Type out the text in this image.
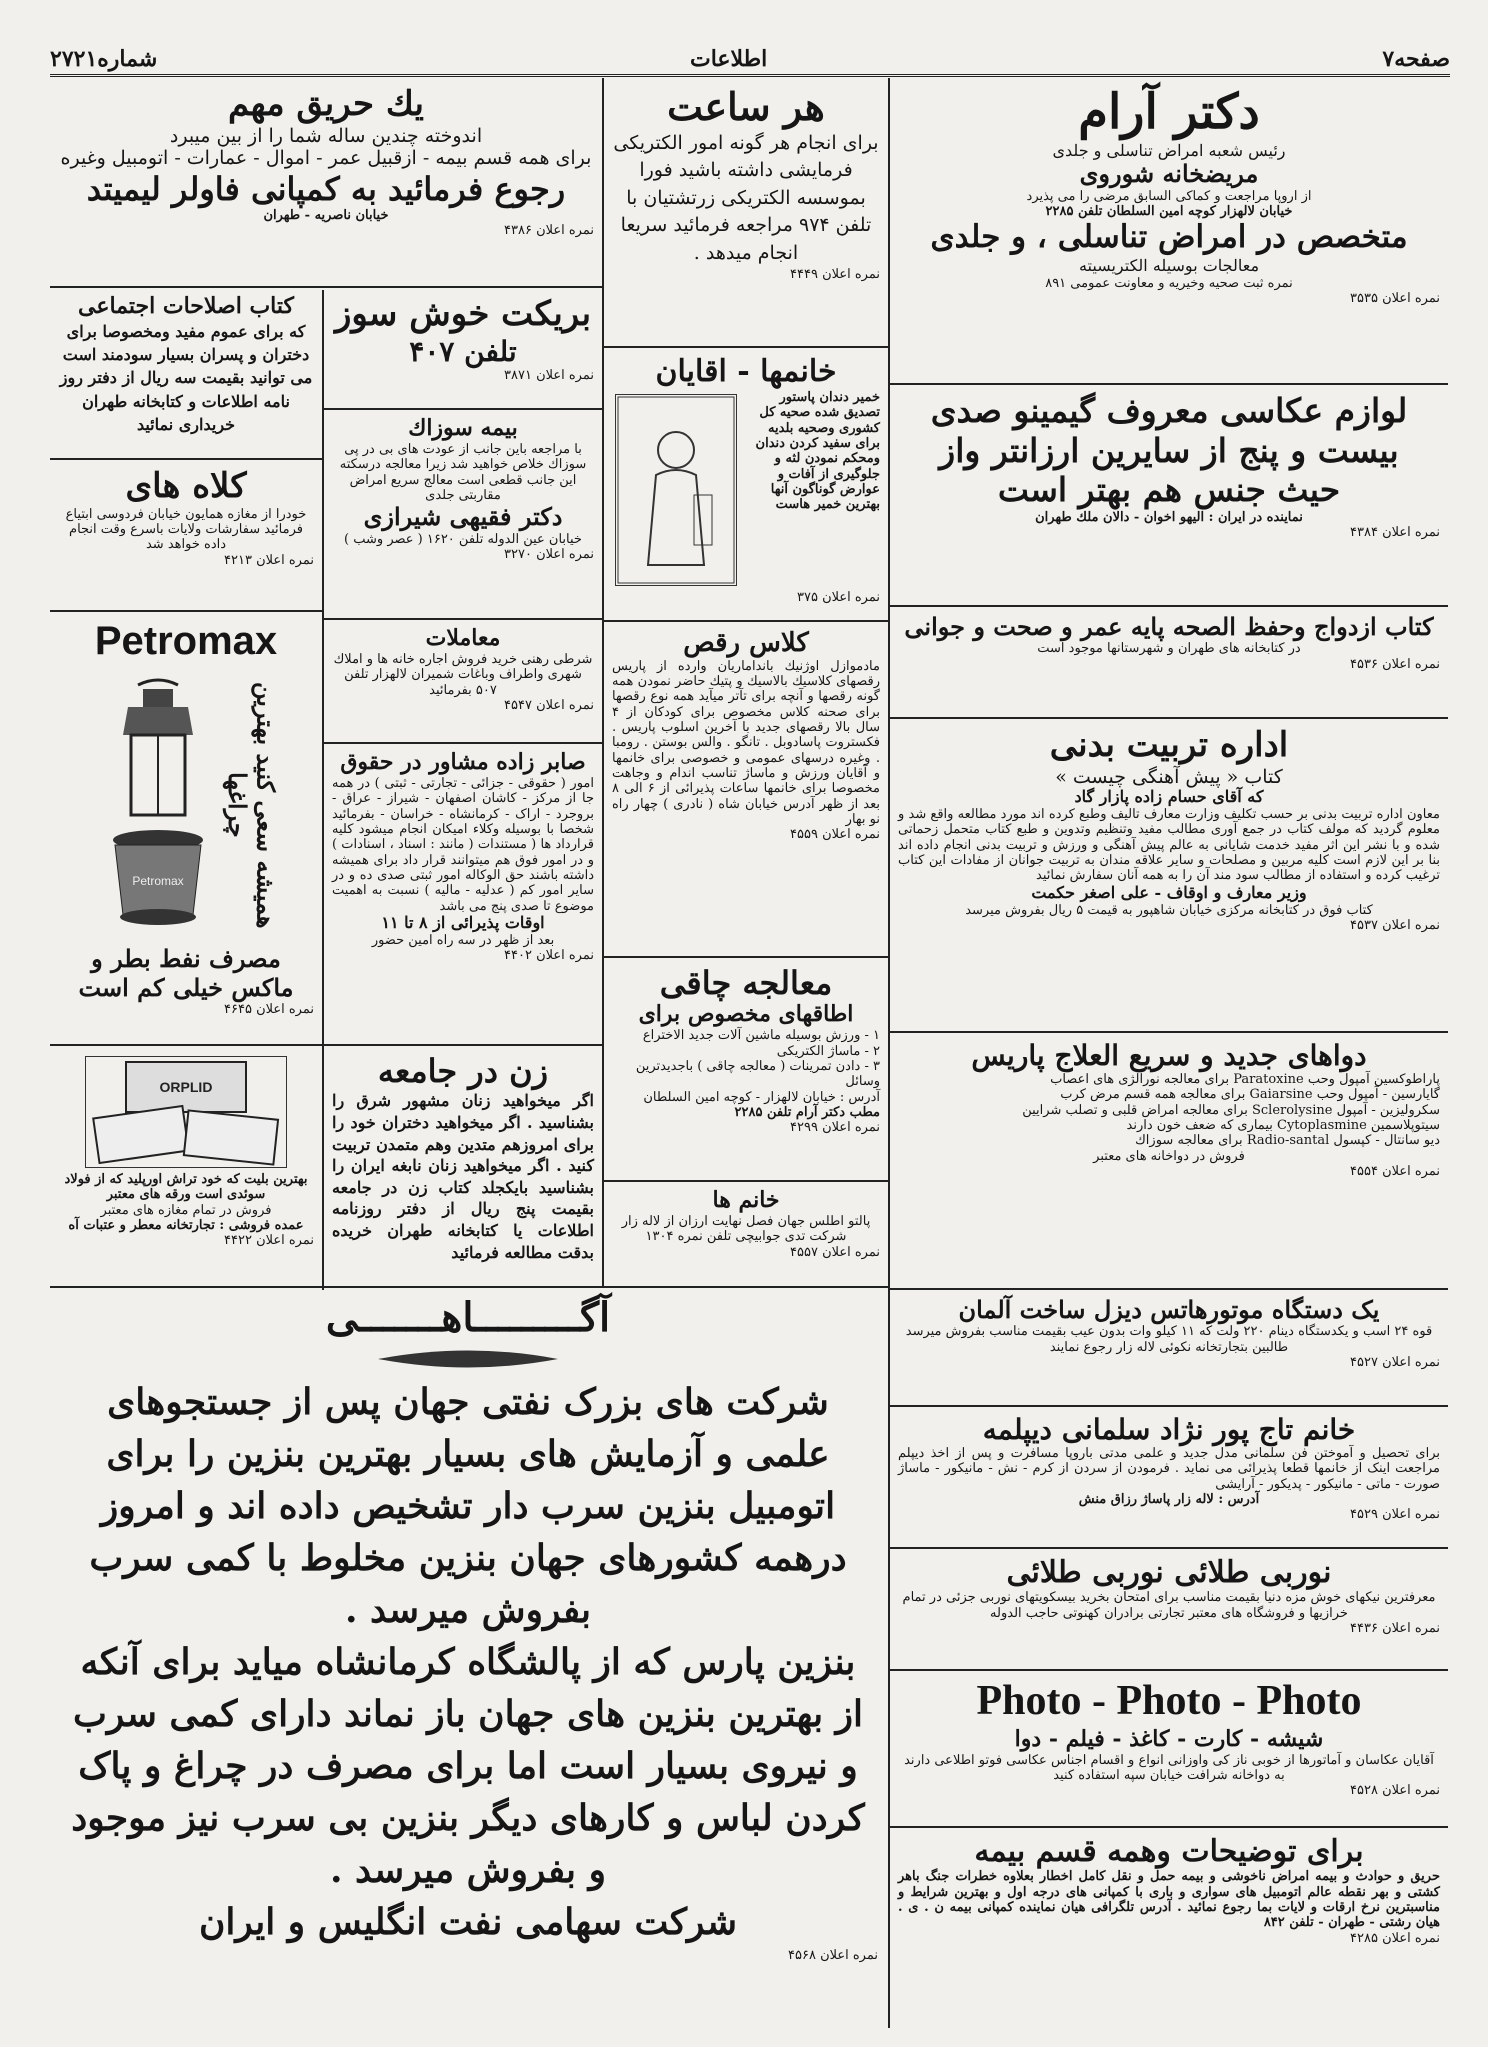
صفحه۷
اطلاعات
شماره۲۷۲۱
دکتر آرام
رئیس شعبه امراض تناسلی و جلدی
مریضخانه شوروی
از اروپا مراجعت و کماکی السابق مرضی را می پذیرد
خیابان لالهزار کوچه امین السلطان تلفن ۲۲۸۵
متخصص در امراض تناسلی ، و جلدی
معالجات بوسیله الکتریسیته
نمره ثبت صحیه وخیریه و معاونت عمومی ۸۹۱
نمره اعلان ۳۵۳۵
لوازم عکاسی معروف گیمینو صدی
بیست و پنج از سایرین ارزانتر واز
حیث جنس هم بهتر است
نماینده در ایران : الیهو اخوان - دالان ملك طهران
نمره اعلان ۴۳۸۴
کتاب ازدواج وحفظ الصحه پایه عمر و صحت و جوانی
در کتابخانه های طهران و شهرستانها موجود است
نمره اعلان ۴۵۳۶
اداره تربیت بدنی
کتاب « پیش آهنگی چیست »
که آقای حسام زاده پازار گاد
معاون اداره تربیت بدنی بر حسب تکلیف وزارت معارف تالیف وطبع کرده اند مورد مطالعه واقع شد و معلوم گردید که مولف کتاب در جمع آوری مطالب مفید وتنظیم وتدوین و طبع کتاب متحمل زحماتی شده و با نشر این اثر مفید خدمت شایانی به عالم پیش آهنگی و ورزش و تربیت بدنی انجام داده اند بنا بر این لازم است کلیه مربین و مصلحات و سایر علاقه مندان به تربیت جوانان از مفادات این کتاب ترغیب کرده و استفاده از مطالب سود مند آن را به همه آنان سفارش نمائید
وزیر معارف و اوقاف - علی اصغر حکمت
کتاب فوق در کتابخانه مرکزی خیابان شاهپور به قیمت ۵ ریال بفروش میرسد
نمره اعلان ۴۵۳۷
دواهای جدید و سریع العلاج پاریس
پاراطوکسین آمپول وحب Paratoxine برای معالجه نورالژی های اعصاب
گایارسین - آمپول وحب Gaiarsine برای معالجه همه قسم مرض کرب
سکرولیزین - آمپول Sclerolysine برای معالجه امراض قلبی و تصلب شرایین
سیتوپلاسمین Cytoplasmine بیماری که ضعف خون دارند
دیو سانتال - کپسول Radio-santal برای معالجه سوزاك
فروش در دواخانه های معتبر
نمره اعلان ۴۵۵۴
یک دستگاه موتورهاتس دیزل ساخت آلمان
قوه ۲۴ اسب و یکدستگاه دینام ۲۲۰ ولت که ۱۱ کیلو وات بدون عیب بقیمت مناسب بفروش میرسد طالبین بتجارتخانه نکوئی لاله زار رجوع نمایند
نمره اعلان ۴۵۲۷
خانم تاج پور نژاد سلمانی دیپلمه
برای تحصیل و آموختن فن سلمانی مدل جدید و علمی مدتی باروپا مسافرت و پس از اخذ دیپلم مراجعت اینک از خانمها قطعا پذیرائی می نماید . فرمودن از سردن از کرم - نش - مانیکور - ماساژ صورت - ماتی - مانیکور - پدیکور - آرایشی
آدرس : لاله زار پاساژ رزاق منش
نمره اعلان ۴۵۲۹
نوربی طلائی نوربی طلائی
معرفترین نیکهای خوش مزه دنیا بقیمت مناسب برای امتحان بخرید بیسکویتهای نوربی جزئی در تمام خرازیها و فروشگاه های معتبر تجارتی برادران کهنوتی حاجب الدوله
نمره اعلان ۴۴۳۶
Photo - Photo - Photo
شیشه - کارت - کاغذ - فیلم - دوا
آقایان عکاسان و آماتورها از خوبی ناز کی واوزانی انواع و اقسام اجناس عکاسی فوتو اطلاعی دارند به دواخانه شرافت خیابان سپه استفاده کنید
نمره اعلان ۴۵۲۸
برای توضیحات وهمه قسم بیمه
حریق و حوادث و بیمه امراض ناخوشی و بیمه حمل و نقل کامل اخطار بعلاوه خطرات جنگ باهر کشتی و بهر نقطه عالم اتومبیل های سواری و باری با کمپانی های درجه اول و بهترین شرایط و مناسبترین نرخ ارقات و لایات بما رجوع نمائید . آدرس تلگرافی هیان نماینده کمپانی بیمه ن . ی . هیان رشتی - طهران - تلفن ۸۴۲
نمره اعلان ۴۲۸۵
هر ساعت
برای انجام هر گونه امور الکتریکی فرمایشی داشته باشید فورا بموسسه الکتریکی زرتشتیان با تلفن ۹۷۴ مراجعه فرمائید سریعا انجام میدهد .
نمره اعلان ۴۴۴۹
خانمها - اقایان
خمیر دندان پاستور تصدیق شده صحیه کل کشوری وصحیه بلدیه برای سفید کردن دندان ومحکم نمودن لثه و جلوگیری از آفات و عوارض گوناگون آنها بهترین خمیر هاست
نمره اعلان ۳۷۵
کلاس رقص
مادموازل اوژنیك بانداماریان وارده از پاریس رقصهای کلاسیك بالاسیك و پتیك حاضر نمودن همه گونه رقصها و آنچه برای تآتر میآید همه نوع رقصها برای صحنه کلاس مخصوص برای کودکان از ۴ سال بالا رقصهای جدید با آخرین اسلوب پاریس . فکستروت پاسادوبل . تانگو . والس بوستن . رومبا . وغیره درسهای عمومی و خصوصی برای خانمها و آقایان ورزش و ماساژ تناسب اندام و وجاهت مخصوصا برای خانمها ساعات پذیرائی از ۶ الی ۸ بعد از ظهر آدرس خیابان شاه ( نادری ) چهار راه نو بهار
نمره اعلان ۴۵۵۹
معالجه چاقی
اطاقهای مخصوص برای
۱ - ورزش بوسیله ماشین آلات جدید الاختراع
۲ - ماساژ الکتریکی
۳ - دادن تمرینات ( معالجه چاقی ) باجدیدترین وسائل
آدرس : خیابان لالهزار - کوچه امین السلطان
مطب دکتر آرام تلفن ۲۲۸۵
نمره اعلان ۴۲۹۹
خانم ها
پالتو اطلس جهان فصل نهایت ارزان از لاله زار شرکت تدی جوابیچی تلفن نمره ۱۳۰۴
نمره اعلان ۴۵۵۷
یك حریق مهم
اندوخته چندین ساله شما را از بین میبرد
برای همه قسم بیمه - ازقبیل عمر - اموال - عمارات - اتومبیل وغیره
رجوع فرمائید به کمپانی فاولر لیمیتد
خیابان ناصریه - طهران
نمره اعلان ۴۳۸۶
بریکت خوش سوز
تلفن ۴۰۷
نمره اعلان ۳۸۷۱
کتاب اصلاحات اجتماعی
که برای عموم مفید ومخصوصا برای دختران و پسران بسیار سودمند است می توانید بقیمت سه ریال از دفتر روز نامه اطلاعات و کتابخانه طهران خریداری نمائید	بیمه سوزاك
با مراجعه باین جانب از عودت های بی در پی سوزاك خلاص خواهید شد زیرا معالجه درسکته این جانب قطعی است معالج سریع امراض مقاربتی جلدی
دکتر فقیهی شیرازی
خیابان عین الدوله تلفن ۱۶۲۰ ( عصر وشب )
نمره اعلان ۳۲۷۰
کلاه های
خودرا از مغازه همایون خیابان فردوسی ابتیاع فرمائید سفارشات ولایات باسرع وقت انجام داده خواهد شد
نمره اعلان ۴۲۱۳
معاملات
شرطی رهنی خرید فروش اجاره خانه ها و املاك شهری واطراف وباغات شمیران لالهزار تلفن ۵۰۷ بفرمائید
نمره اعلان ۴۵۴۷
Petromax
همیشه سعی کنید بهترین چراغها
Petromax
مصرف نفط بطر و ماکس خیلی کم است
نمره اعلان ۴۶۴۵
صابر زاده مشاور در حقوق
امور ( حقوقی - جزائی - تجارتی - ثبتی ) در همه جا از مرکز - کاشان اصفهان - شیراز - عراق - بروجرد - اراک - کرمانشاه - خراسان - بفرمائید شخصا با بوسیله وکلاء امیکان انجام میشود کلیه قرارداد ها ( مستندات ( مانند : اسناد ، اسنادات ) و در امور فوق هم میتوانند قرار داد برای همیشه داشته باشند حق الوکاله امور ثبتی صدی ده و در سایر امور کم ( عدلیه - مالیه ) نسبت به اهمیت موضوع تا صدی پنج می باشد
اوقات پذیرائی از ۸ تا ۱۱
بعد از ظهر در سه راه امین حضور
نمره اعلان ۴۴۰۲
ORPLID
بهترین بلیت که خود تراش اورپلید که از فولاد سوئدی است ورقه های معتبر
فروش در تمام مغازه های معتبر
عمده فروشی : تجارتخانه معطر و عتبات آه
نمره اعلان ۴۴۲۲
زن در جامعه
اگر میخواهید زنان مشهور شرق را بشناسید . اگر میخواهید دختران خود را برای امروزهم متدین وهم متمدن تربیت کنید . اگر میخواهید زنان نابغه ایران را بشناسید بایکجلد کتاب زن در جامعه بقیمت پنج ریال از دفتر روزنامه اطلاعات یا کتابخانه طهران خریده بدقت مطالعه فرمائید
آگـــــــــاهـــــــی

شرکت های بزرک نفتی جهان پس از جستجوهای

علمی و آزمایش های بسیار بهترین بنزین را برای

اتومبیل بنزین سرب دار تشخیص داده اند و امروز

درهمه کشورهای جهان بنزین مخلوط با کمی سرب

بفروش میرسد .

بنزین پارس که از پالشگاه کرمانشاه میاید برای آنکه

از بهترین بنزین های جهان باز نماند دارای کمی سرب

و نیروی بسیار است اما برای مصرف در چراغ و پاک

کردن لباس و کارهای دیگر بنزین بی سرب نیز موجود

و بفروش میرسد .

شرکت سهامی نفت انگلیس و ایران

نمره اعلان ۴۵۶۸
